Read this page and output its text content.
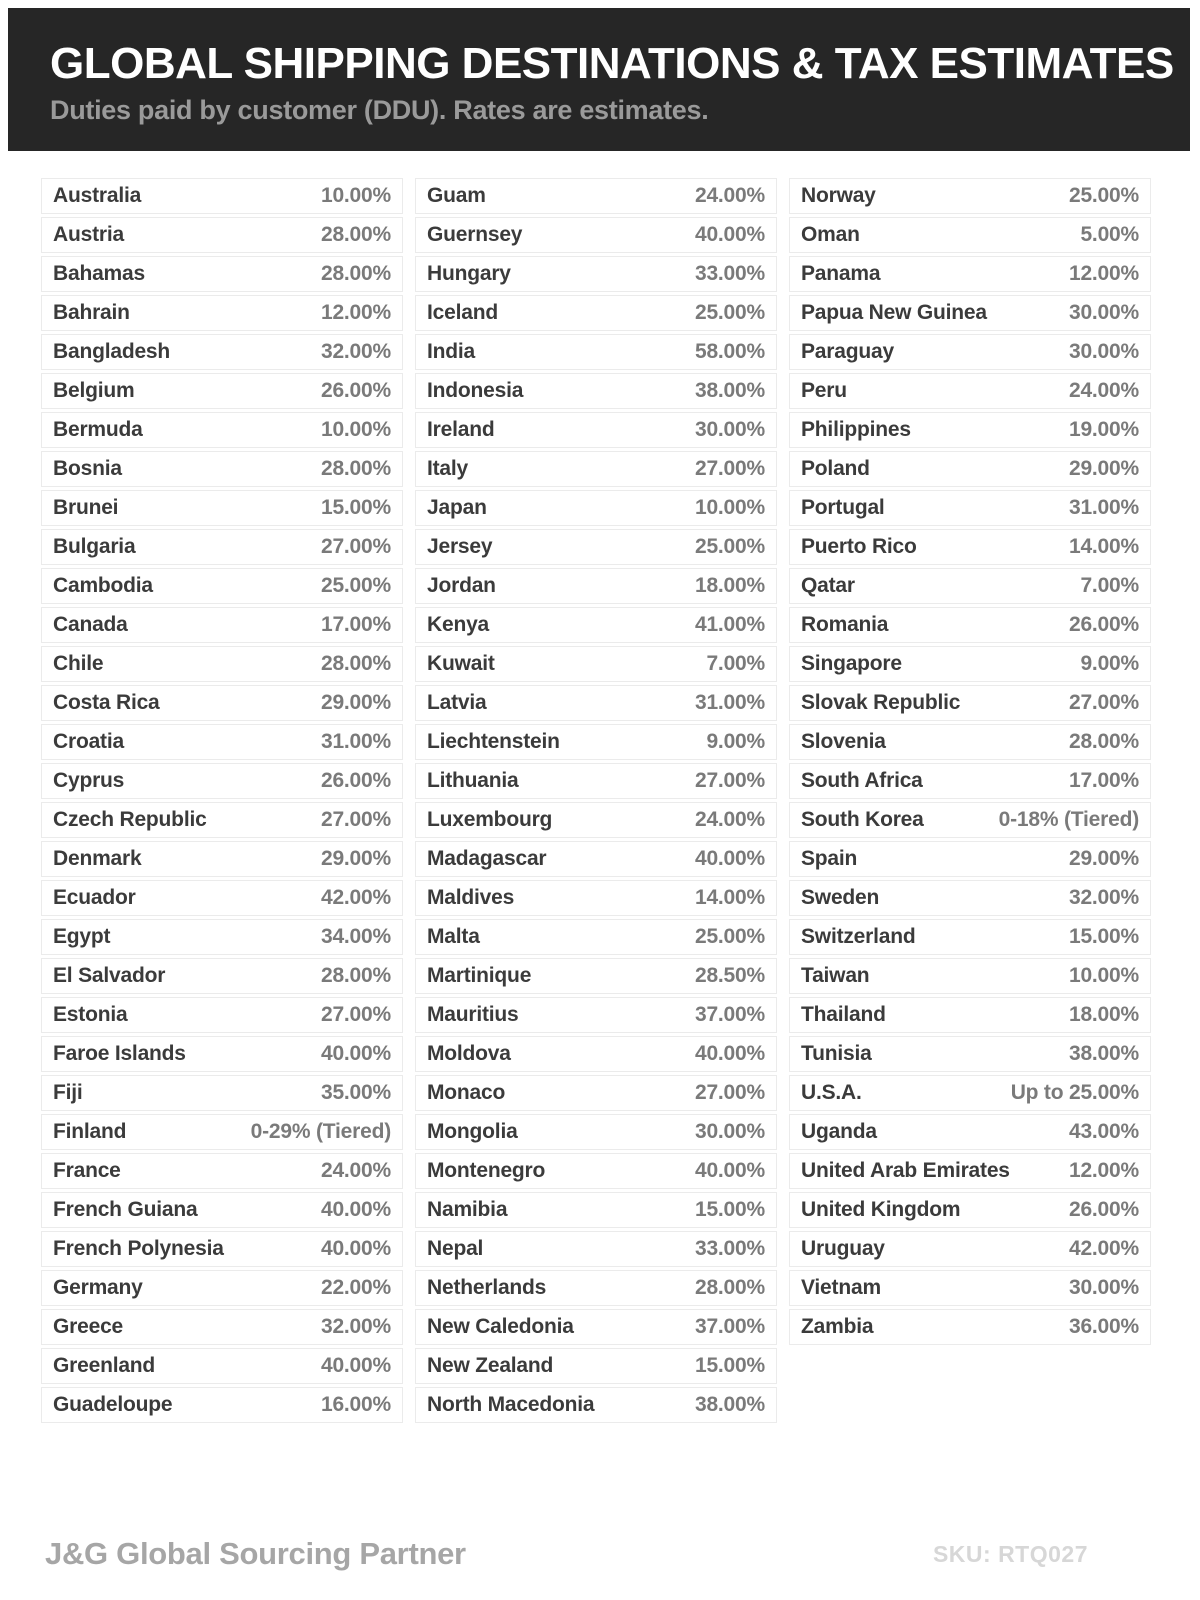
GLOBAL SHIPPING DESTINATIONS & TAX ESTIMATES

Duties paid by customer (DDU). Rates are estimates.

Australia	10.00%
Austria	28.00%
Bahamas	28.00%
Bahrain	12.00%
Bangladesh	32.00%
Belgium	26.00%
Bermuda	10.00%
Bosnia	28.00%
Brunei	15.00%
Bulgaria	27.00%
Cambodia	25.00%
Canada	17.00%
Chile	28.00%
Costa Rica	29.00%
Croatia	31.00%
Cyprus	26.00%
Czech Republic	27.00%
Denmark	29.00%
Ecuador	42.00%
Egypt	34.00%
El Salvador	28.00%
Estonia	27.00%
Faroe Islands	40.00%
Fiji	35.00%
Finland	0-29% (Tiered)
France	24.00%
French Guiana	40.00%
French Polynesia	40.00%
Germany	22.00%
Greece	32.00%
Greenland	40.00%
Guadeloupe	16.00%
Guam	24.00%
Guernsey	40.00%
Hungary	33.00%
Iceland	25.00%
India	58.00%
Indonesia	38.00%
Ireland	30.00%
Italy	27.00%
Japan	10.00%
Jersey	25.00%
Jordan	18.00%
Kenya	41.00%
Kuwait	7.00%
Latvia	31.00%
Liechtenstein	9.00%
Lithuania	27.00%
Luxembourg	24.00%
Madagascar	40.00%
Maldives	14.00%
Malta	25.00%
Martinique	28.50%
Mauritius	37.00%
Moldova	40.00%
Monaco	27.00%
Mongolia	30.00%
Montenegro	40.00%
Namibia	15.00%
Nepal	33.00%
Netherlands	28.00%
New Caledonia	37.00%
New Zealand	15.00%
North Macedonia	38.00%
Norway	25.00%
Oman	5.00%
Panama	12.00%
Papua New Guinea	30.00%
Paraguay	30.00%
Peru	24.00%
Philippines	19.00%
Poland	29.00%
Portugal	31.00%
Puerto Rico	14.00%
Qatar	7.00%
Romania	26.00%
Singapore	9.00%
Slovak Republic	27.00%
Slovenia	28.00%
South Africa	17.00%
South Korea	0-18% (Tiered)
Spain	29.00%
Sweden	32.00%
Switzerland	15.00%
Taiwan	10.00%
Thailand	18.00%
Tunisia	38.00%
U.S.A.	Up to 25.00%
Uganda	43.00%
United Arab Emirates	12.00%
United Kingdom	26.00%
Uruguay	42.00%
Vietnam	30.00%
Zambia	36.00%
J&G Global Sourcing Partner	SKU: RTQ027
